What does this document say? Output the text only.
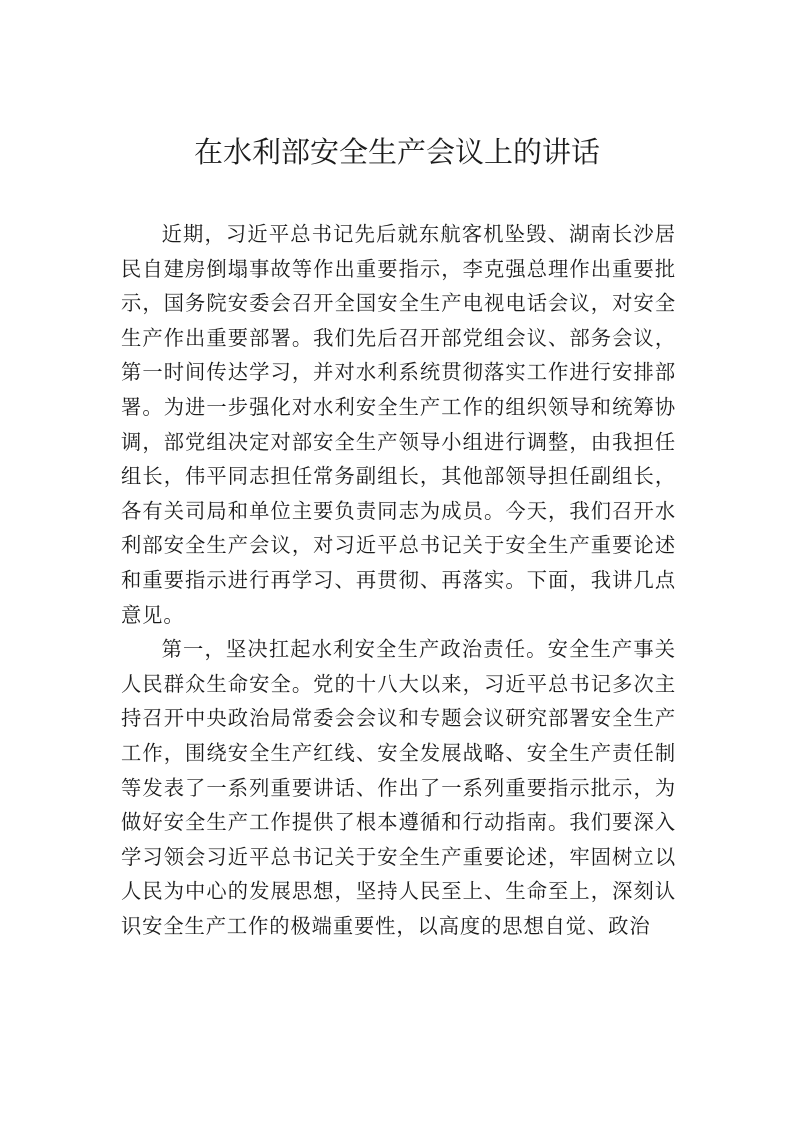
在水利部安全生产会议上的讲话

近期，习近平总书记先后就东航客机坠毁、湖南长沙居民自建房倒塌事故等作出重要指示，李克强总理作出重要批示，国务院安委会召开全国安全生产电视电话会议，对安全生产作出重要部署。我们先后召开部党组会议、部务会议，第一时间传达学习，并对水利系统贯彻落实工作进行安排部署。为进一步强化对水利安全生产工作的组织领导和统筹协调，部党组决定对部安全生产领导小组进行调整，由我担任组长，伟平同志担任常务副组长，其他部领导担任副组长，各有关司局和单位主要负责同志为成员。今天，我们召开水利部安全生产会议，对习近平总书记关于安全生产重要论述和重要指示进行再学习、再贯彻、再落实。下面，我讲几点意见。

第一，坚决扛起水利安全生产政治责任。安全生产事关人民群众生命安全。党的十八大以来，习近平总书记多次主持召开中央政治局常委会会议和专题会议研究部署安全生产工作，围绕安全生产红线、安全发展战略、安全生产责任制等发表了一系列重要讲话、作出了一系列重要指示批示，为做好安全生产工作提供了根本遵循和行动指南。我们要深入学习领会习近平总书记关于安全生产重要论述，牢固树立以人民为中心的发展思想，坚持人民至上、生命至上，深刻认识安全生产工作的极端重要性，以高度的思想自觉、政治
